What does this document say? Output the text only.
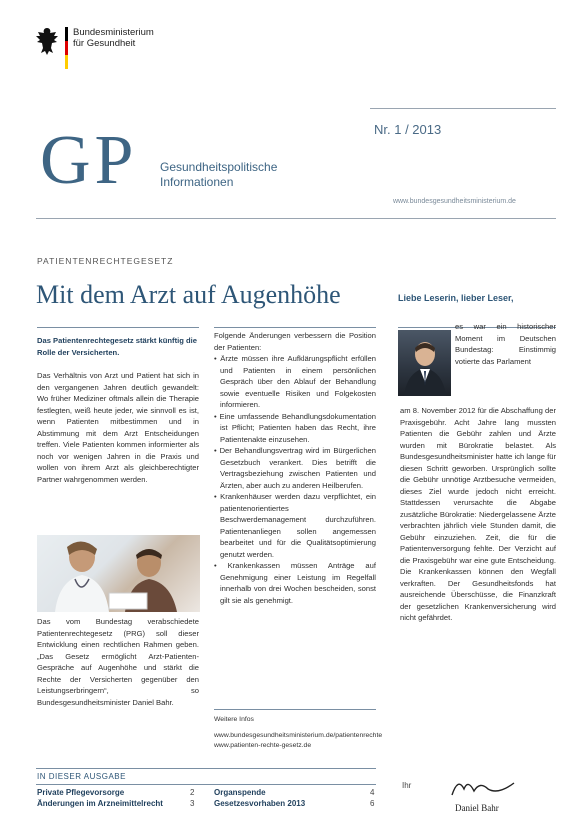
Bundesministerium
für Gesundheit
Nr. 1 / 2013
GP Gesundheitspolitische
Informationen
www.bundesgesundheitsministerium.de
PATIENTENRECHTEGESETZ
Mit dem Arzt auf Augenhöhe	Liebe Leserin, lieber Leser,
Das Patientenrechtegesetz stärkt künftig die Rolle der Versicherten.
Das Verhältnis von Arzt und Patient hat sich in den vergangenen Jahren deutlich gewandelt: Wo früher Mediziner oftmals allein die Therapie festlegten, weiß heute jeder, wie sinnvoll es ist, wenn Patienten mitbestimmen und in Abstimmung mit dem Arzt Entscheidungen treffen. Viele Patienten kommen informierter als noch vor wenigen Jahren in die Praxis und wollen von ihrem Arzt als gleichberechtigter Partner wahrgenommen werden.
Das vom Bundestag verabschiedete Patientenrechtegesetz (PRG) soll dieser Entwicklung einen rechtlichen Rahmen geben. „Das Gesetz ermöglicht Arzt-Patienten-Gespräche auf Augenhöhe und stärkt die Rechte der Versicherten gegenüber den Leistungserbringern“, so Bundesgesundheitsminister Daniel Bahr.
Folgende Änderungen verbessern die Position der Patienten:
• Ärzte müssen ihre Aufklärungspflicht erfüllen und Patienten in einem persönlichen Gespräch über den Ablauf der Behandlung sowie eventuelle Risiken und Folgekosten informieren.
• Eine umfassende Behandlungsdokumentation ist Pflicht; Patienten haben das Recht, ihre Patientenakte einzusehen.
• Der Behandlungsvertrag wird im Bürgerlichen Gesetzbuch verankert. Dies betrifft die Vertragsbeziehung zwischen Patienten und Ärzten, aber auch zu anderen Heilberufen.
• Krankenhäuser werden dazu verpflichtet, ein patientenorientiertes Beschwerdemanagement durchzuführen. Patientenanliegen sollen angemessen bearbeitet und für die Qualitätsoptimierung genutzt werden.
• Krankenkassen müssen Anträge auf Genehmigung einer Leistung im Regelfall innerhalb von drei Wochen bescheiden, sonst gilt sie als genehmigt.
Weitere Infos
www.bundesgesundheitsministerium.de/patientenrechte
www.patienten-rechte-gesetz.de
es war ein historischer Moment im Deutschen Bundestag: Einstimmig votierte das Parlament
am 8. November 2012 für die Abschaffung der Praxisgebühr. Acht Jahre lang mussten Patienten die Gebühr zahlen und Ärzte wurden mit Bürokratie belastet. Als Bundesgesundheitsminister hatte ich lange für diesen Schritt geworben. Ursprünglich sollte die Gebühr unnötige Arztbesuche vermeiden, dieses Ziel wurde jedoch nicht erreicht. Stattdessen verursachte die Abgabe zusätzliche Bürokratie: Niedergelassene Ärzte verbrachten jährlich viele Stunden damit, die Gebühr einzuziehen. Zeit, die für die Patientenversorgung fehlte. Der Verzicht auf die Praxisgebühr war eine gute Entscheidung. Die Krankenkassen können den Wegfall verkraften. Der Gesundheitsfonds hat ausreichende Überschüsse, die Finanzkraft der gesetzlichen Krankenversicherung wird nicht gefährdet.
Ihr
Daniel Bahr
IN DIESER AUSGABE
Private Pflegevorsorge	2
Änderungen im Arzneimittelrecht	3
Organspende	4
Gesetzesvorhaben 2013	6
